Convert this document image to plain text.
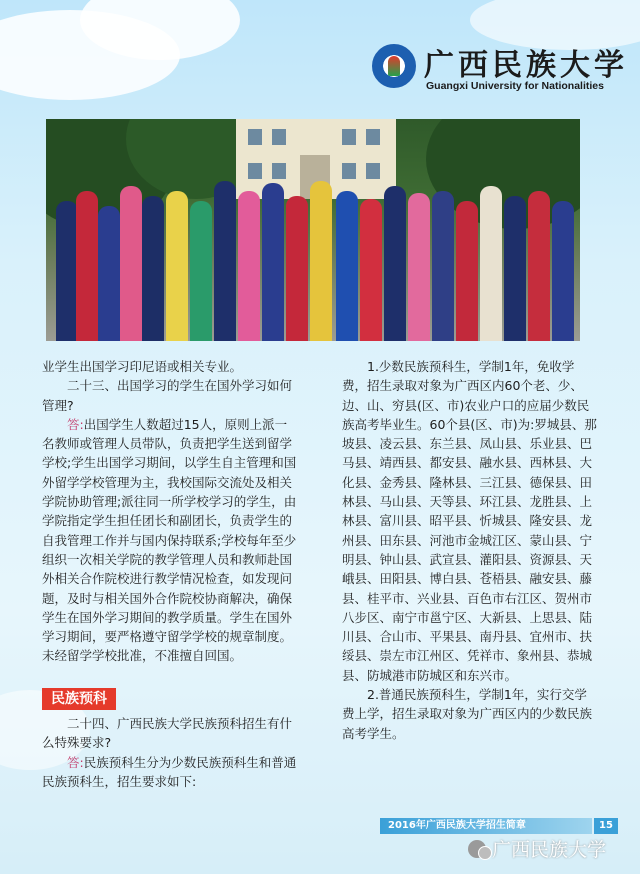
广西民族大学
Guangxi University for Nationalities

业学生出国学习印尼语或相关专业。

二十三、出国学习的学生在国外学习如何管理?

答:出国学生人数超过15人，原则上派一名教师或管理人员带队，负责把学生送到留学学校;学生出国学习期间，以学生自主管理和国外留学学校管理为主，我校国际交流处及相关学院协助管理;派往同一所学校学习的学生，由学院指定学生担任团长和副团长，负责学生的自我管理工作并与国内保持联系;学校每年至少组织一次相关学院的教学管理人员和教师赴国外相关合作院校进行教学情况检查，如发现问题，及时与相关国外合作院校协商解决，确保学生在国外学习期间的教学质量。学生在国外学习期间，要严格遵守留学学校的规章制度。未经留学学校批准，不准擅自回国。

民族预科

二十四、广西民族大学民族预科招生有什么特殊要求?

答:民族预科生分为少数民族预科生和普通民族预科生，招生要求如下:

1.少数民族预科生，学制1年，免收学费，招生录取对象为广西区内60个老、少、边、山、穷县(区、市)农业户口的应届少数民族高考毕业生。60个县(区、市)为:罗城县、那坡县、凌云县、东兰县、凤山县、乐业县、巴马县、靖西县、都安县、融水县、西林县、大化县、金秀县、隆林县、三江县、德保县、田林县、马山县、天等县、环江县、龙胜县、上林县、富川县、昭平县、忻城县、隆安县、龙州县、田东县、河池市金城江区、蒙山县、宁明县、钟山县、武宣县、灌阳县、资源县、天峨县、田阳县、博白县、苍梧县、融安县、藤县、桂平市、兴业县、百色市右江区、贺州市八步区、南宁市邕宁区、大新县、上思县、陆川县、合山市、平果县、南丹县、宜州市、扶绥县、崇左市江州区、凭祥市、象州县、恭城县、防城港市防城区和东兴市。

2.普通民族预科生，学制1年，实行交学费上学，招生录取对象为广西区内的少数民族高考学生。

2016年广西民族大学招生简章	15
广西民族大学
